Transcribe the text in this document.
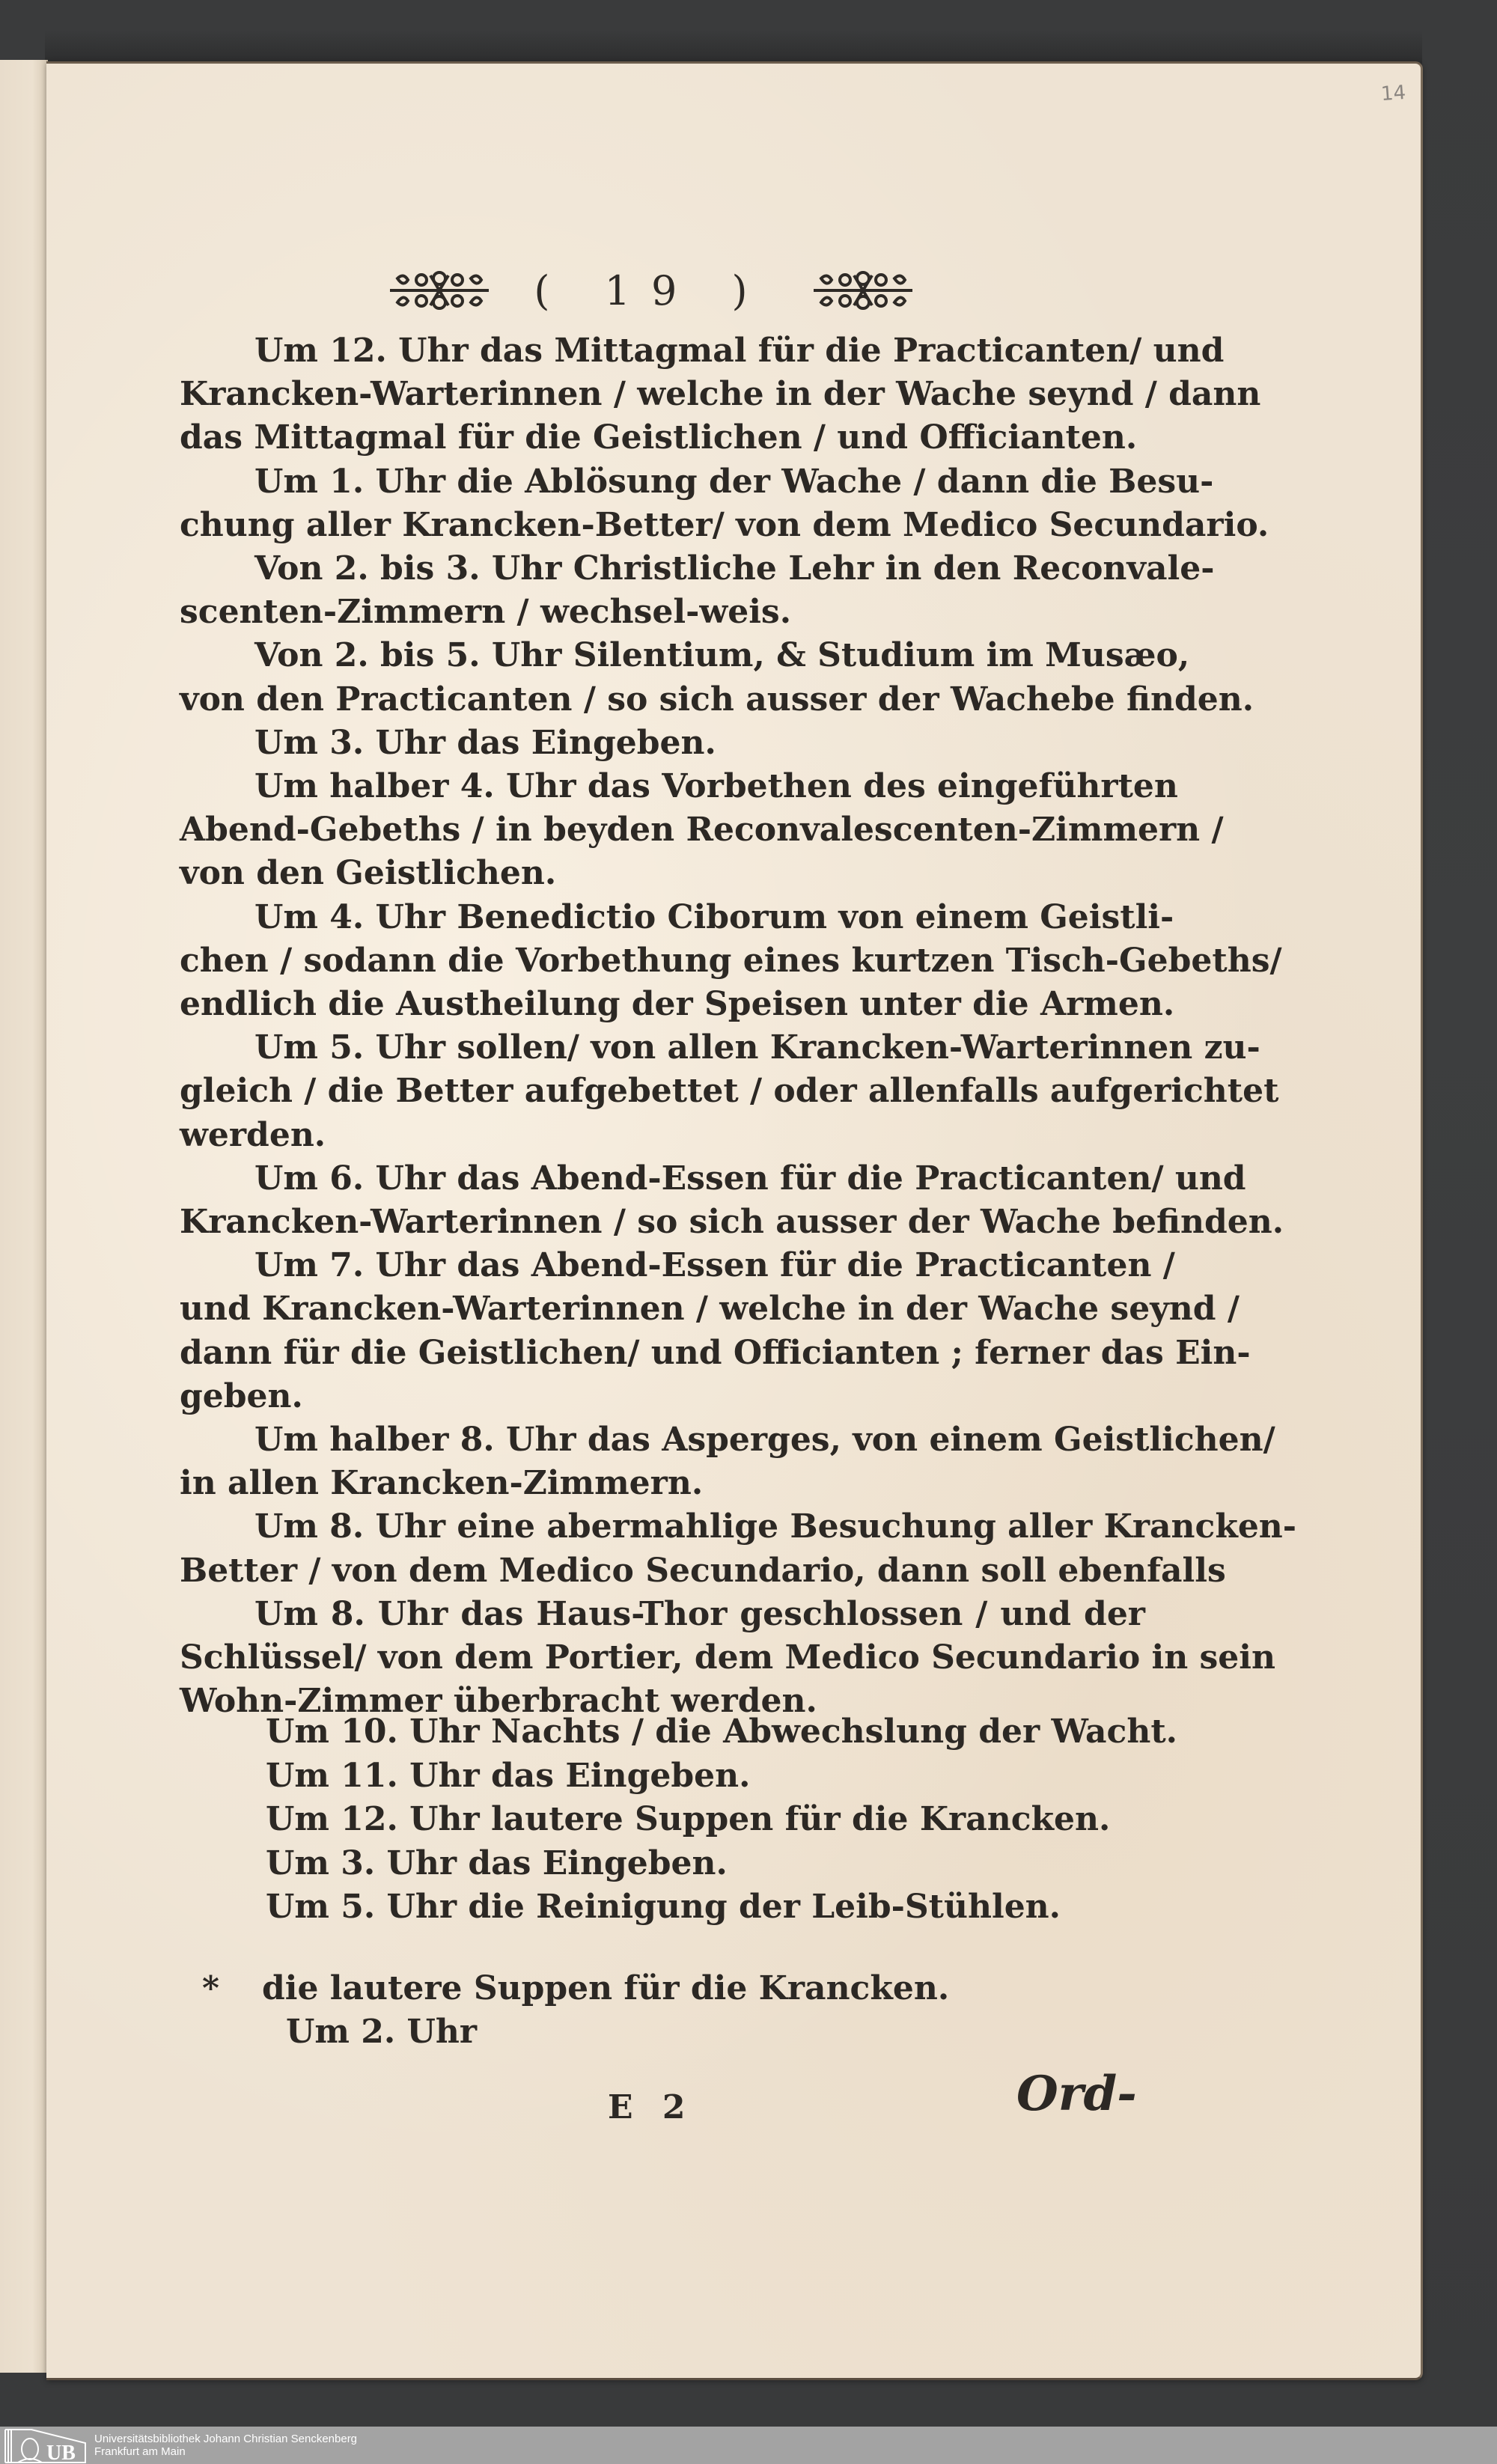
14
( 19 )
Um 12. Uhr das Mittagmal für die Practicanten/ und
Krancken-Warterinnen / welche in der Wache seynd / dann
das Mittagmal für die Geistlichen / und Officianten.
Um 1. Uhr die Ablösung der Wache / dann die Besu-
chung aller Krancken-Better/ von dem Medico Secundario.
Von 2. bis 3. Uhr Christliche Lehr in den Reconvale-
scenten-Zimmern / wechsel-weis.
Von 2. bis 5. Uhr Silentium, & Studium im Musæo,
von den Practicanten / so sich ausser der Wachebe finden.
Um 3. Uhr das Eingeben.
Um halber 4. Uhr das Vorbethen des eingeführten
Abend-Gebeths / in beyden Reconvalescenten-Zimmern /
von den Geistlichen.
Um 4. Uhr Benedictio Ciborum von einem Geistli-
chen / sodann die Vorbethung eines kurtzen Tisch-Gebeths/
endlich die Austheilung der Speisen unter die Armen.
Um 5. Uhr sollen/ von allen Krancken-Warterinnen zu-
gleich / die Better aufgebettet / oder allenfalls aufgerichtet
werden.
Um 6. Uhr das Abend-Essen für die Practicanten/ und
Krancken-Warterinnen / so sich ausser der Wache befinden.
Um 7. Uhr das Abend-Essen für die Practicanten /
und Krancken-Warterinnen / welche in der Wache seynd /
dann für die Geistlichen/ und Officianten ; ferner das Ein-
geben.
Um halber 8. Uhr das Asperges, von einem Geistlichen/
in allen Krancken-Zimmern.
Um 8. Uhr eine abermahlige Besuchung aller Krancken-
Better / von dem Medico Secundario, dann soll ebenfalls
Um 8. Uhr das Haus-Thor geschlossen / und der
Schlüssel/ von dem Portier, dem Medico Secundario in sein
Wohn-Zimmer überbracht werden.
Um 10. Uhr Nachts / die Abwechslung der Wacht.
Um 11. Uhr das Eingeben.
Um 12. Uhr lautere Suppen für die Krancken.
Um 3. Uhr das Eingeben.
Um 5. Uhr die Reinigung der Leib-Stühlen.
* die lautere Suppen für die Krancken.
Um 2. Uhr
E 2	Ord-
UB
Universitätsbibliothek Johann Christian Senckenberg
Frankfurt am Main
